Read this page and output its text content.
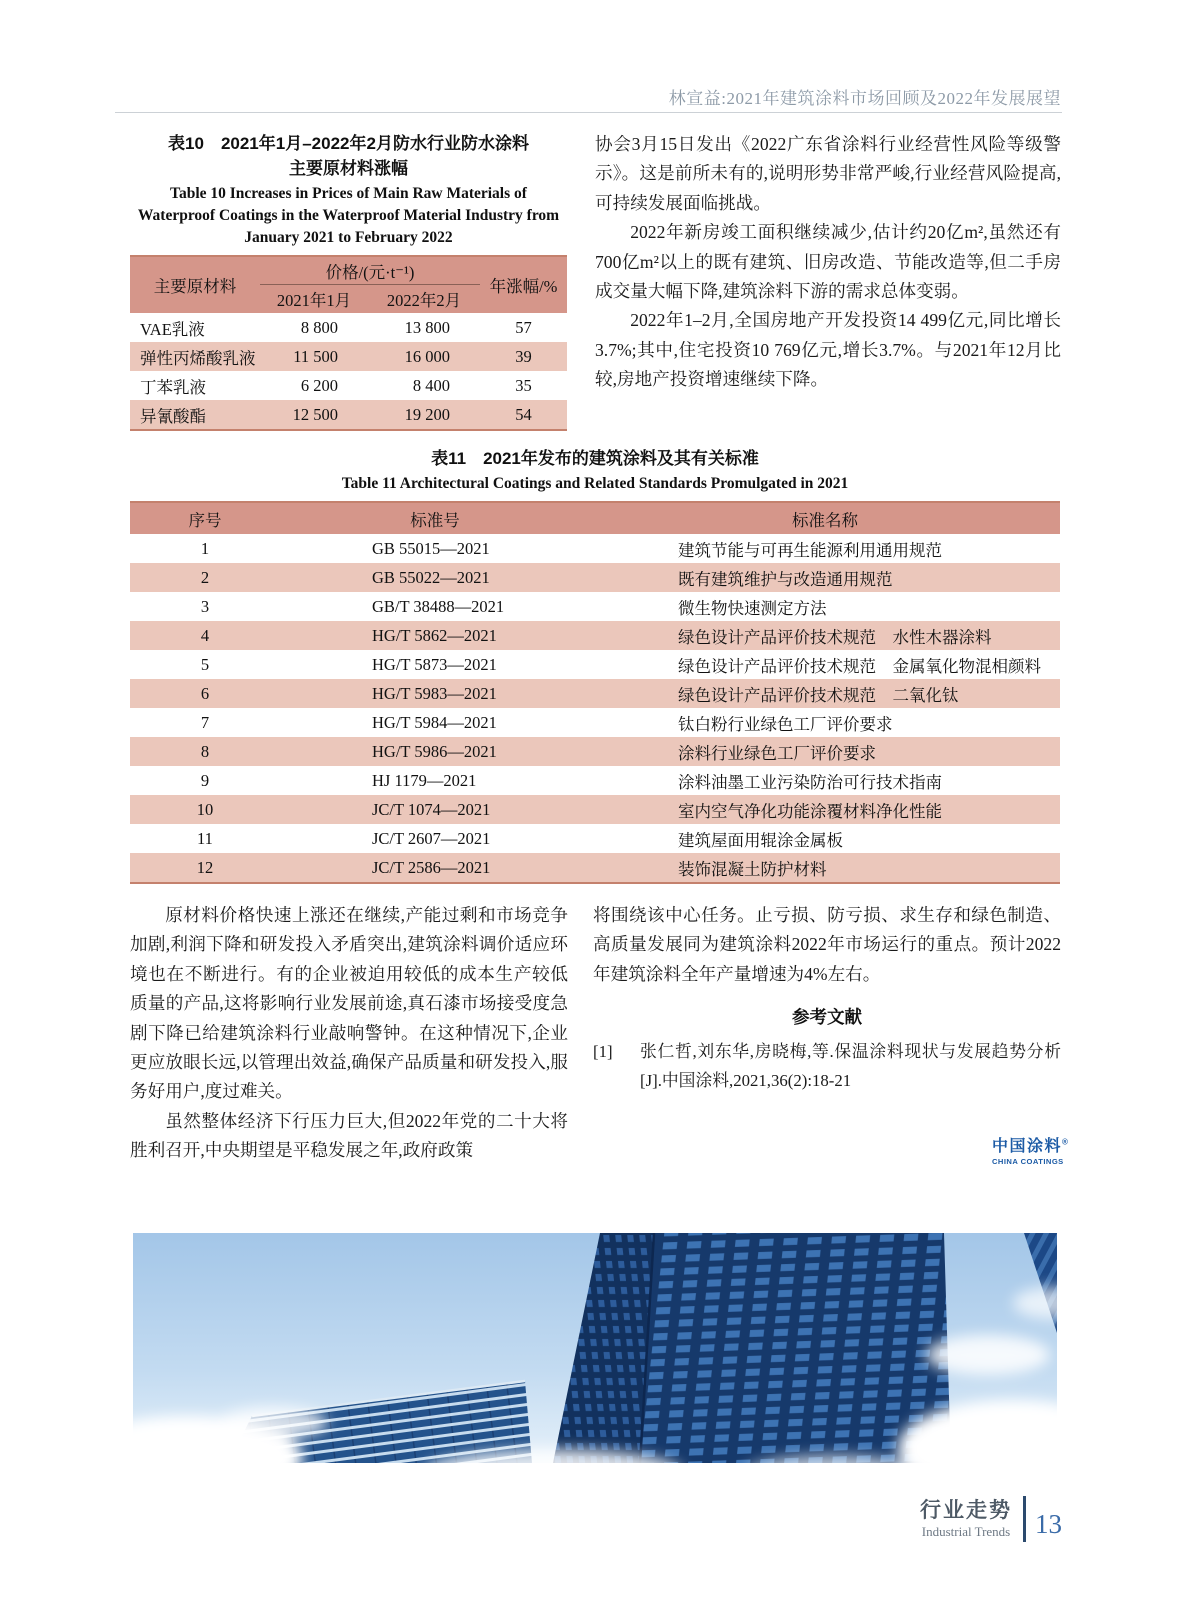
林宣益:2021年建筑涂料市场回顾及2022年发展展望
表10　2021年1月–2022年2月防水行业防水涂料
主要原材料涨幅
Table 10 Increases in Prices of Main Raw Materials of Waterproof Coatings in the Waterproof Material Industry from January 2021 to February 2022
主要原材料	价格/(元·t⁻¹)		年涨幅/%
	2021年1月	2022年2月	
VAE乳液	8 800	13 800	57
弹性丙烯酸乳液	11 500	16 000	39
丁苯乳液	6 200	8 400	35
异氰酸酯	12 500	19 200	54

协会3月15日发出《2022广东省涂料行业经营性风险等级警示》。这是前所未有的,说明形势非常严峻,行业经营风险提高,可持续发展面临挑战。

2022年新房竣工面积继续减少,估计约20亿m²,虽然还有700亿m²以上的既有建筑、旧房改造、节能改造等,但二手房成交量大幅下降,建筑涂料下游的需求总体变弱。

2022年1–2月,全国房地产开发投资14 499亿元,同比增长3.7%;其中,住宅投资10 769亿元,增长3.7%。与2021年12月比较,房地产投资增速继续下降。

表11　2021年发布的建筑涂料及其有关标准
Table 11 Architectural Coatings and Related Standards Promulgated in 2021
序号	标准号	标准名称
1	GB 55015—2021	建筑节能与可再生能源利用通用规范
2	GB 55022—2021	既有建筑维护与改造通用规范
3	GB/T 38488—2021	微生物快速测定方法
4	HG/T 5862—2021	绿色设计产品评价技术规范　水性木器涂料
5	HG/T 5873—2021	绿色设计产品评价技术规范　金属氧化物混相颜料
6	HG/T 5983—2021	绿色设计产品评价技术规范　二氧化钛
7	HG/T 5984—2021	钛白粉行业绿色工厂评价要求
8	HG/T 5986—2021	涂料行业绿色工厂评价要求
9	HJ 1179—2021	涂料油墨工业污染防治可行技术指南
10	JC/T 1074—2021	室内空气净化功能涂覆材料净化性能
11	JC/T 2607—2021	建筑屋面用辊涂金属板
12	JC/T 2586—2021	装饰混凝土防护材料

原材料价格快速上涨还在继续,产能过剩和市场竞争加剧,利润下降和研发投入矛盾突出,建筑涂料调价适应环境也在不断进行。有的企业被迫用较低的成本生产较低质量的产品,这将影响行业发展前途,真石漆市场接受度急剧下降已给建筑涂料行业敲响警钟。在这种情况下,企业更应放眼长远,以管理出效益,确保产品质量和研发投入,服务好用户,度过难关。

虽然整体经济下行压力巨大,但2022年党的二十大将胜利召开,中央期望是平稳发展之年,政府政策

将围绕该中心任务。止亏损、防亏损、求生存和绿色制造、高质量发展同为建筑涂料2022年市场运行的重点。预计2022年建筑涂料全年产量增速为4%左右。

参考文献
[1] 张仁哲,刘东华,房晓梅,等.保温涂料现状与发展趋势分析[J].中国涂料,2021,36(2):18-21
中国涂料®
CHINA COATINGS
行业走势
Industrial Trends 13
